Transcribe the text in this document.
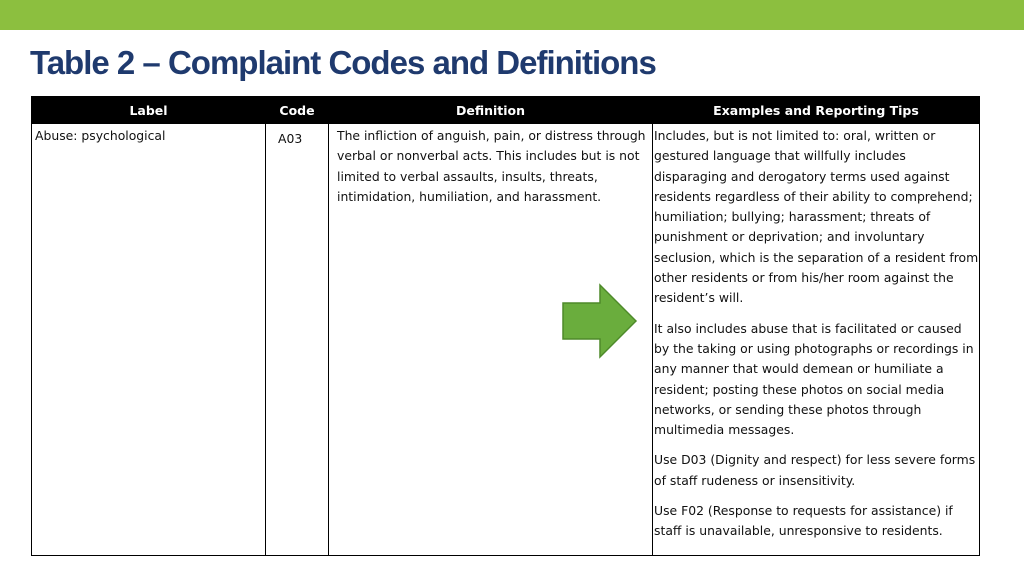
Table 2 – Complaint Codes and Definitions
Label	Code	Definition	Examples and Reporting Tips
Abuse: psychological	A03	The infliction of anguish, pain, or distress through verbal or nonverbal acts. This includes but is not limited to verbal assaults, insults, threats, intimidation, humiliation, and harassment.	Includes, but is not limited to: oral, written or gestured language that willfully includes disparaging and derogatory terms used against residents regardless of their ability to comprehend; humiliation; bullying; harassment; threats of punishment or deprivation; and involuntary seclusion, which is the separation of a resident from other residents or from his/her room against the resident’s will.

It also includes abuse that is facilitated or caused by the taking or using photographs or recordings in any manner that would demean or humiliate a resident; posting these photos on social media networks, or sending these photos through multimedia messages.

Use D03 (Dignity and respect) for less severe forms of staff rudeness or insensitivity.

Use F02 (Response to requests for assistance) if staff is unavailable, unresponsive to residents.
